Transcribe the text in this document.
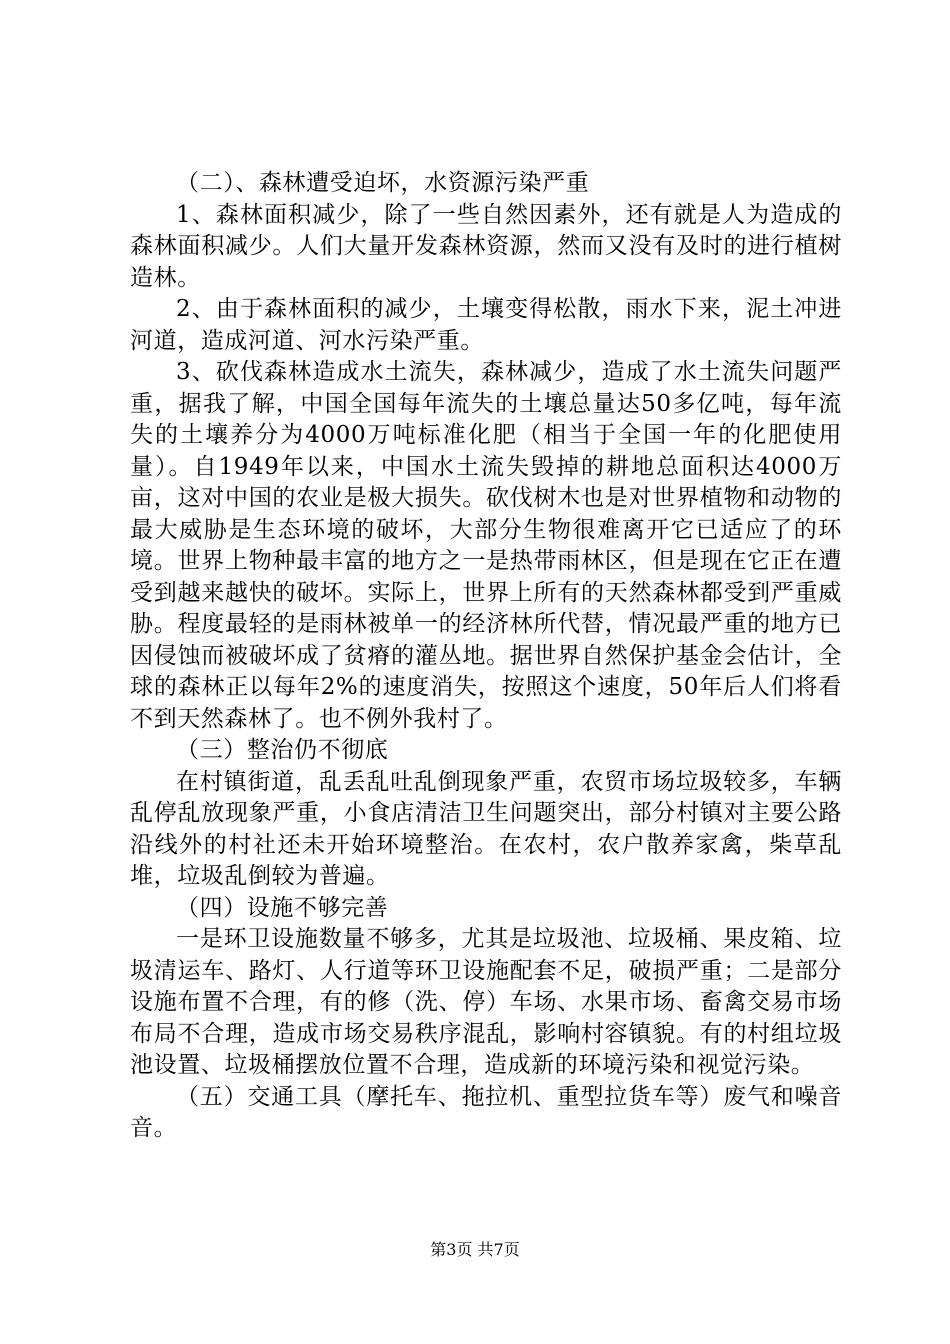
（二）、森林遭受迫坏，水资源污染严重

1、森林面积减少，除了一些自然因素外，还有就是人为造成的森林面积减少。人们大量开发森林资源，然而又没有及时的进行植树造林。

2、由于森林面积的减少，土壤变得松散，雨水下来，泥土冲进河道，造成河道、河水污染严重。

3、砍伐森林造成水土流失，森林减少，造成了水土流失问题严重，据我了解，中国全国每年流失的土壤总量达50多亿吨，每年流失的土壤养分为4000万吨标准化肥（相当于全国一年的化肥使用量）。自1949年以来，中国水土流失毁掉的耕地总面积达4000万亩，这对中国的农业是极大损失。砍伐树木也是对世界植物和动物的最大威胁是生态环境的破坏，大部分生物很难离开它已适应了的环境。世界上物种最丰富的地方之一是热带雨林区，但是现在它正在遭受到越来越快的破坏。实际上，世界上所有的天然森林都受到严重威胁。程度最轻的是雨林被单一的经济林所代替，情况最严重的地方已因侵蚀而被破坏成了贫瘠的灌丛地。据世界自然保护基金会估计，全球的森林正以每年2%的速度消失，按照这个速度，50年后人们将看不到天然森林了。也不例外我村了。

（三）整治仍不彻底

在村镇街道，乱丢乱吐乱倒现象严重，农贸市场垃圾较多，车辆乱停乱放现象严重，小食店清洁卫生问题突出，部分村镇对主要公路沿线外的村社还未开始环境整治。在农村，农户散养家禽，柴草乱堆，垃圾乱倒较为普遍。

（四）设施不够完善

一是环卫设施数量不够多，尤其是垃圾池、垃圾桶、果皮箱、垃圾清运车、路灯、人行道等环卫设施配套不足，破损严重；二是部分设施布置不合理，有的修（洗、停）车场、水果市场、畜禽交易市场布局不合理，造成市场交易秩序混乱，影响村容镇貌。有的村组垃圾池设置、垃圾桶摆放位置不合理，造成新的环境污染和视觉污染。

（五）交通工具（摩托车、拖拉机、重型拉货车等）废气和噪音音。

第3页 共7页
